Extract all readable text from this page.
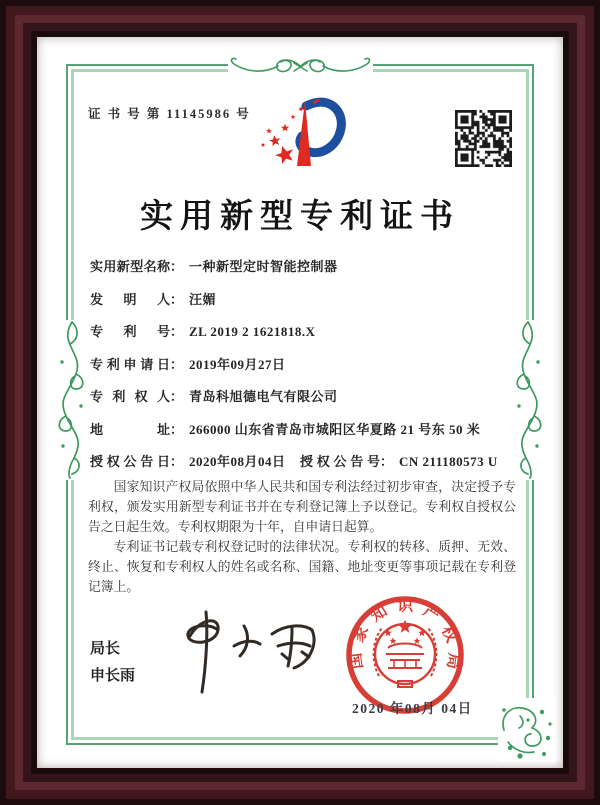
证 书 号 第 11145986 号
实用新型专利证书
实用新型名称： 一种新型定时智能控制器
发明人： 汪媚
专利号： ZL 2019 2 1621818.X
专利申请日： 2019年09月27日
专利权人： 青岛科旭德电气有限公司
地址： 266000 山东省青岛市城阳区华夏路 21 号东 50 米
授权公告日： 2020年08月04日 授权公告号： CN 211180573 U

国家知识产权局依照中华人民共和国专利法经过初步审查，决定授予专利权，颁发实用新型专利证书并在专利登记簿上予以登记。专利权自授权公告之日起生效。专利权期限为十年，自申请日起算。

专利证书记载专利权登记时的法律状况。专利权的转移、质押、无效、终止、恢复和专利权人的姓名或名称、国籍、地址变更等事项记载在专利登记簿上。

局长
申长雨
国家知识产权局
2020 年08月 04日
